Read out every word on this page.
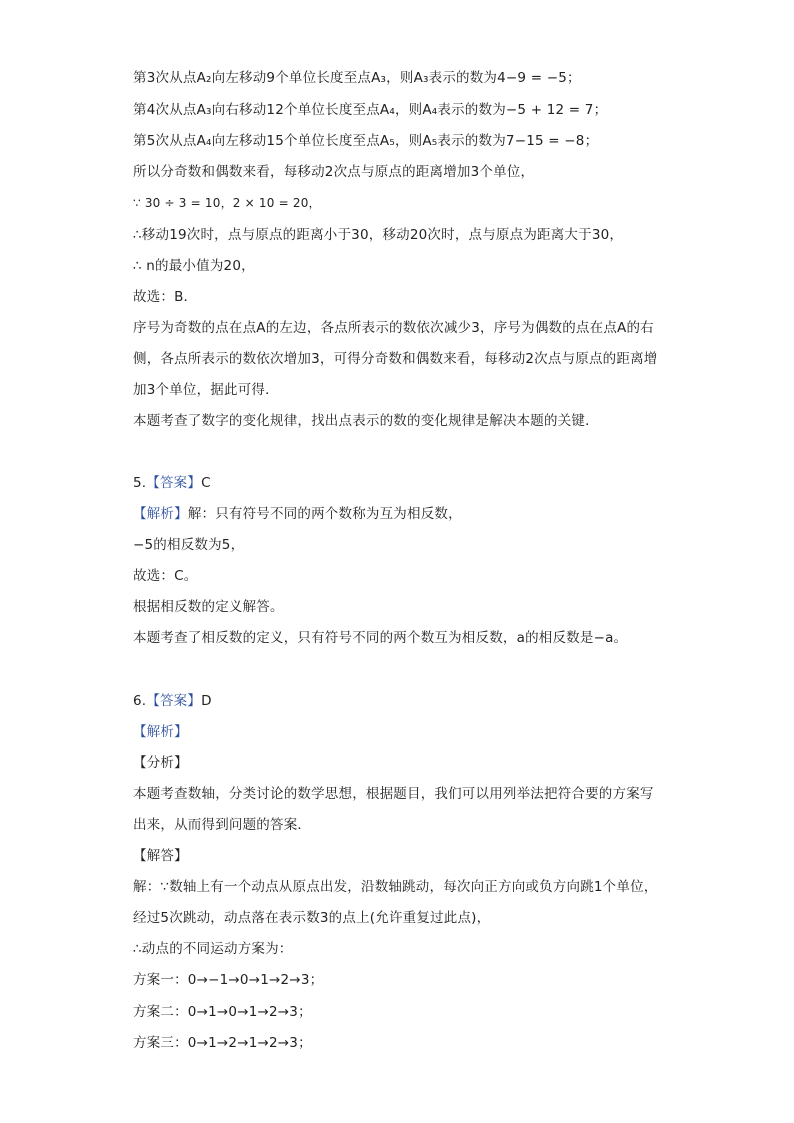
第3次从点A₂向左移动9个单位长度至点A₃，则A₃表示的数为4−9 = −5；
第4次从点A₃向右移动12个单位长度至点A₄，则A₄表示的数为−5 + 12 = 7；
第5次从点A₄向左移动15个单位长度至点A₅，则A₅表示的数为7−15 = −8；
所以分奇数和偶数来看，每移动2次点与原点的距离增加3个单位，
∵ 30 ÷ 3 = 10，2 × 10 = 20，
∴移动19次时，点与原点的距离小于30，移动20次时，点与原点为距离大于30，
∴ n的最小值为20，
故选：B．
序号为奇数的点在点A的左边，各点所表示的数依次减少3，序号为偶数的点在点A的右
侧，各点所表示的数依次增加3，可得分奇数和偶数来看，每移动2次点与原点的距离增
加3个单位，据此可得．
本题考查了数字的变化规律，找出点表示的数的变化规律是解决本题的关键．
5.【答案】C
【解析】解：只有符号不同的两个数称为互为相反数，
−5的相反数为5，
故选：C。
根据相反数的定义解答。
本题考查了相反数的定义，只有符号不同的两个数互为相反数，a的相反数是−a。
6.【答案】D
【解析】
【分析】
本题考查数轴，分类讨论的数学思想，根据题目，我们可以用列举法把符合要的方案写
出来，从而得到问题的答案．
【解答】
解：∵数轴上有一个动点从原点出发，沿数轴跳动，每次向正方向或负方向跳1个单位，
经过5次跳动，动点落在表示数3的点上(允许重复过此点)，
∴动点的不同运动方案为：
方案一：0→−1→0→1→2→3；
方案二：0→1→0→1→2→3；
方案三：0→1→2→1→2→3；
